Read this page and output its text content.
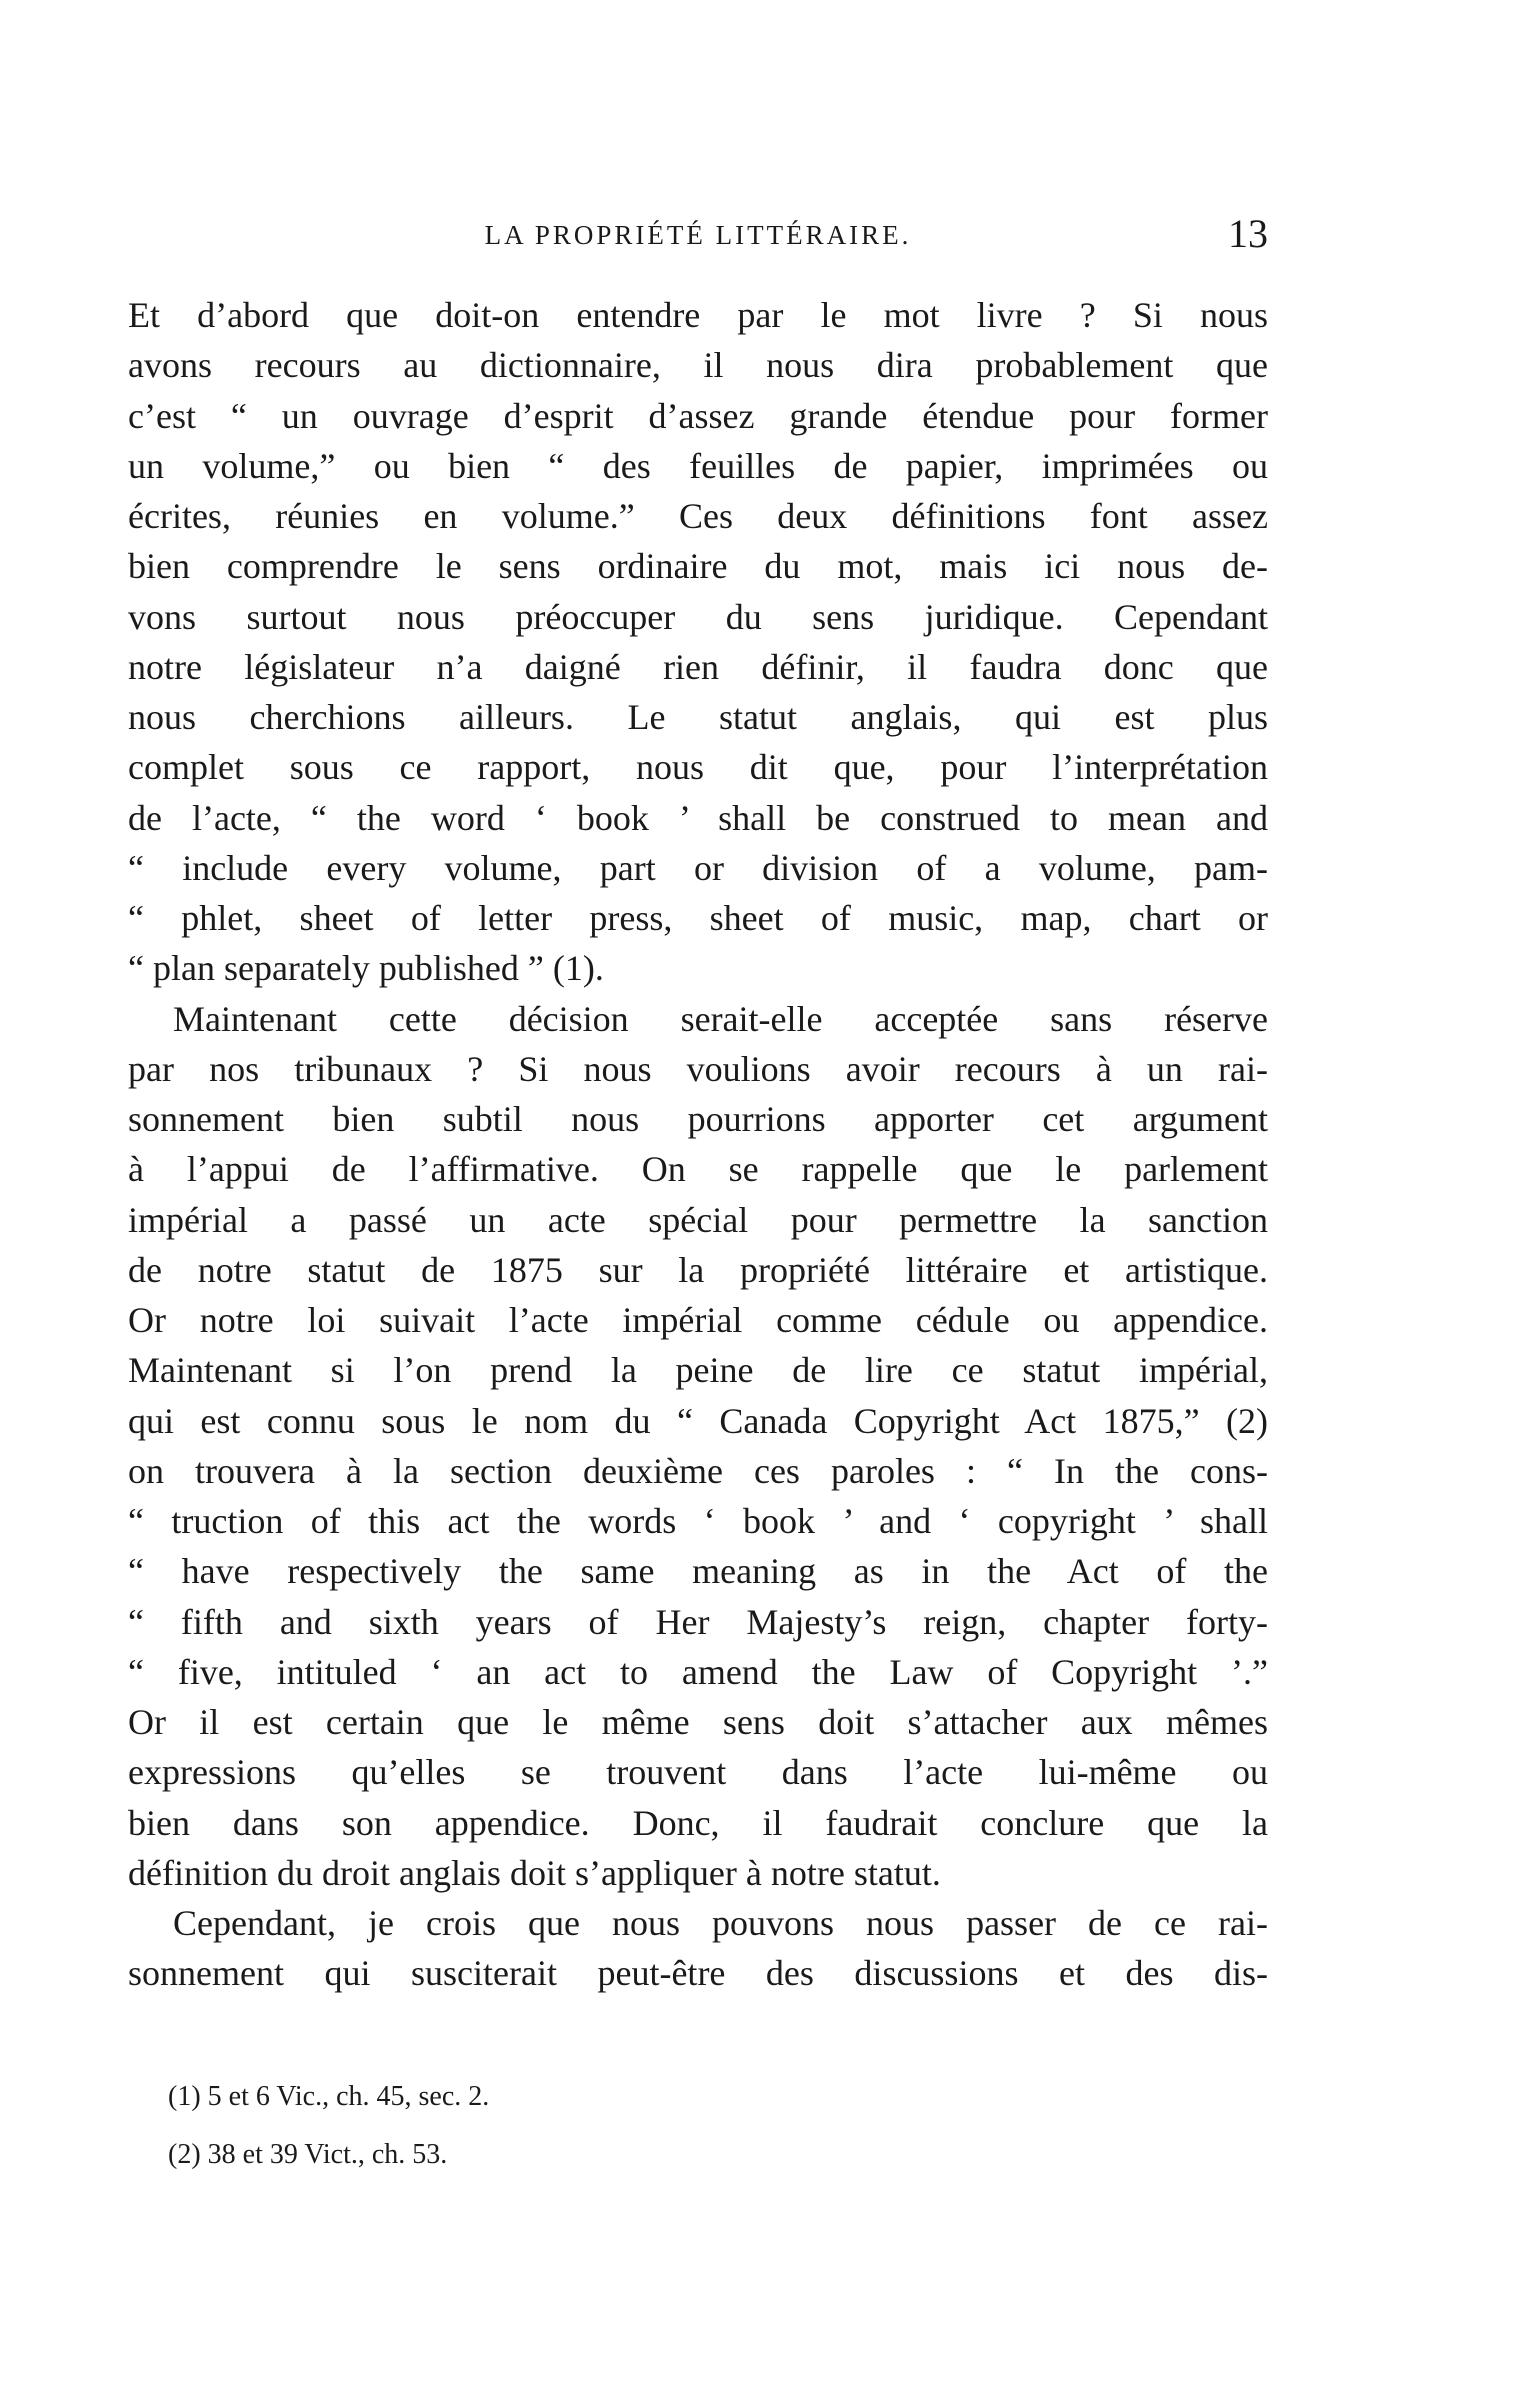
LA PROPRIÉTÉ LITTÉRAIRE.	13
Et d’abord que doit-on entendre par le mot livre ? Si nous
avons recours au dictionnaire, il nous dira probablement que
c’est “ un ouvrage d’esprit d’assez grande étendue pour former
un volume,” ou bien “ des feuilles de papier, imprimées ou
écrites, réunies en volume.” Ces deux définitions font assez
bien comprendre le sens ordinaire du mot, mais ici nous de-
vons surtout nous préoccuper du sens juridique. Cependant
notre législateur n’a daigné rien définir, il faudra donc que
nous cherchions ailleurs. Le statut anglais, qui est plus
complet sous ce rapport, nous dit que, pour l’interprétation
de l’acte, “ the word ‘ book ’ shall be construed to mean and
“ include every volume, part or division of a volume, pam-
“ phlet, sheet of letter press, sheet of music, map, chart or
“ plan separately published ” (1).
Maintenant cette décision serait-elle acceptée sans réserve
par nos tribunaux ? Si nous voulions avoir recours à un rai-
sonnement bien subtil nous pourrions apporter cet argument
à l’appui de l’affirmative. On se rappelle que le parlement
impérial a passé un acte spécial pour permettre la sanction
de notre statut de 1875 sur la propriété littéraire et artistique.
Or notre loi suivait l’acte impérial comme cédule ou appendice.
Maintenant si l’on prend la peine de lire ce statut impérial,
qui est connu sous le nom du “ Canada Copyright Act 1875,” (2)
on trouvera à la section deuxième ces paroles : “ In the cons-
“ truction of this act the words ‘ book ’ and ‘ copyright ’ shall
“ have respectively the same meaning as in the Act of the
“ fifth and sixth years of Her Majesty’s reign, chapter forty-
“ five, intituled ‘ an act to amend the Law of Copyright ’.”
Or il est certain que le même sens doit s’attacher aux mêmes
expressions qu’elles se trouvent dans l’acte lui-même ou
bien dans son appendice. Donc, il faudrait conclure que la
définition du droit anglais doit s’appliquer à notre statut.
Cependant, je crois que nous pouvons nous passer de ce rai-
sonnement qui susciterait peut-être des discussions et des dis-
(1) 5 et 6 Vic., ch. 45, sec. 2.
(2) 38 et 39 Vict., ch. 53.
